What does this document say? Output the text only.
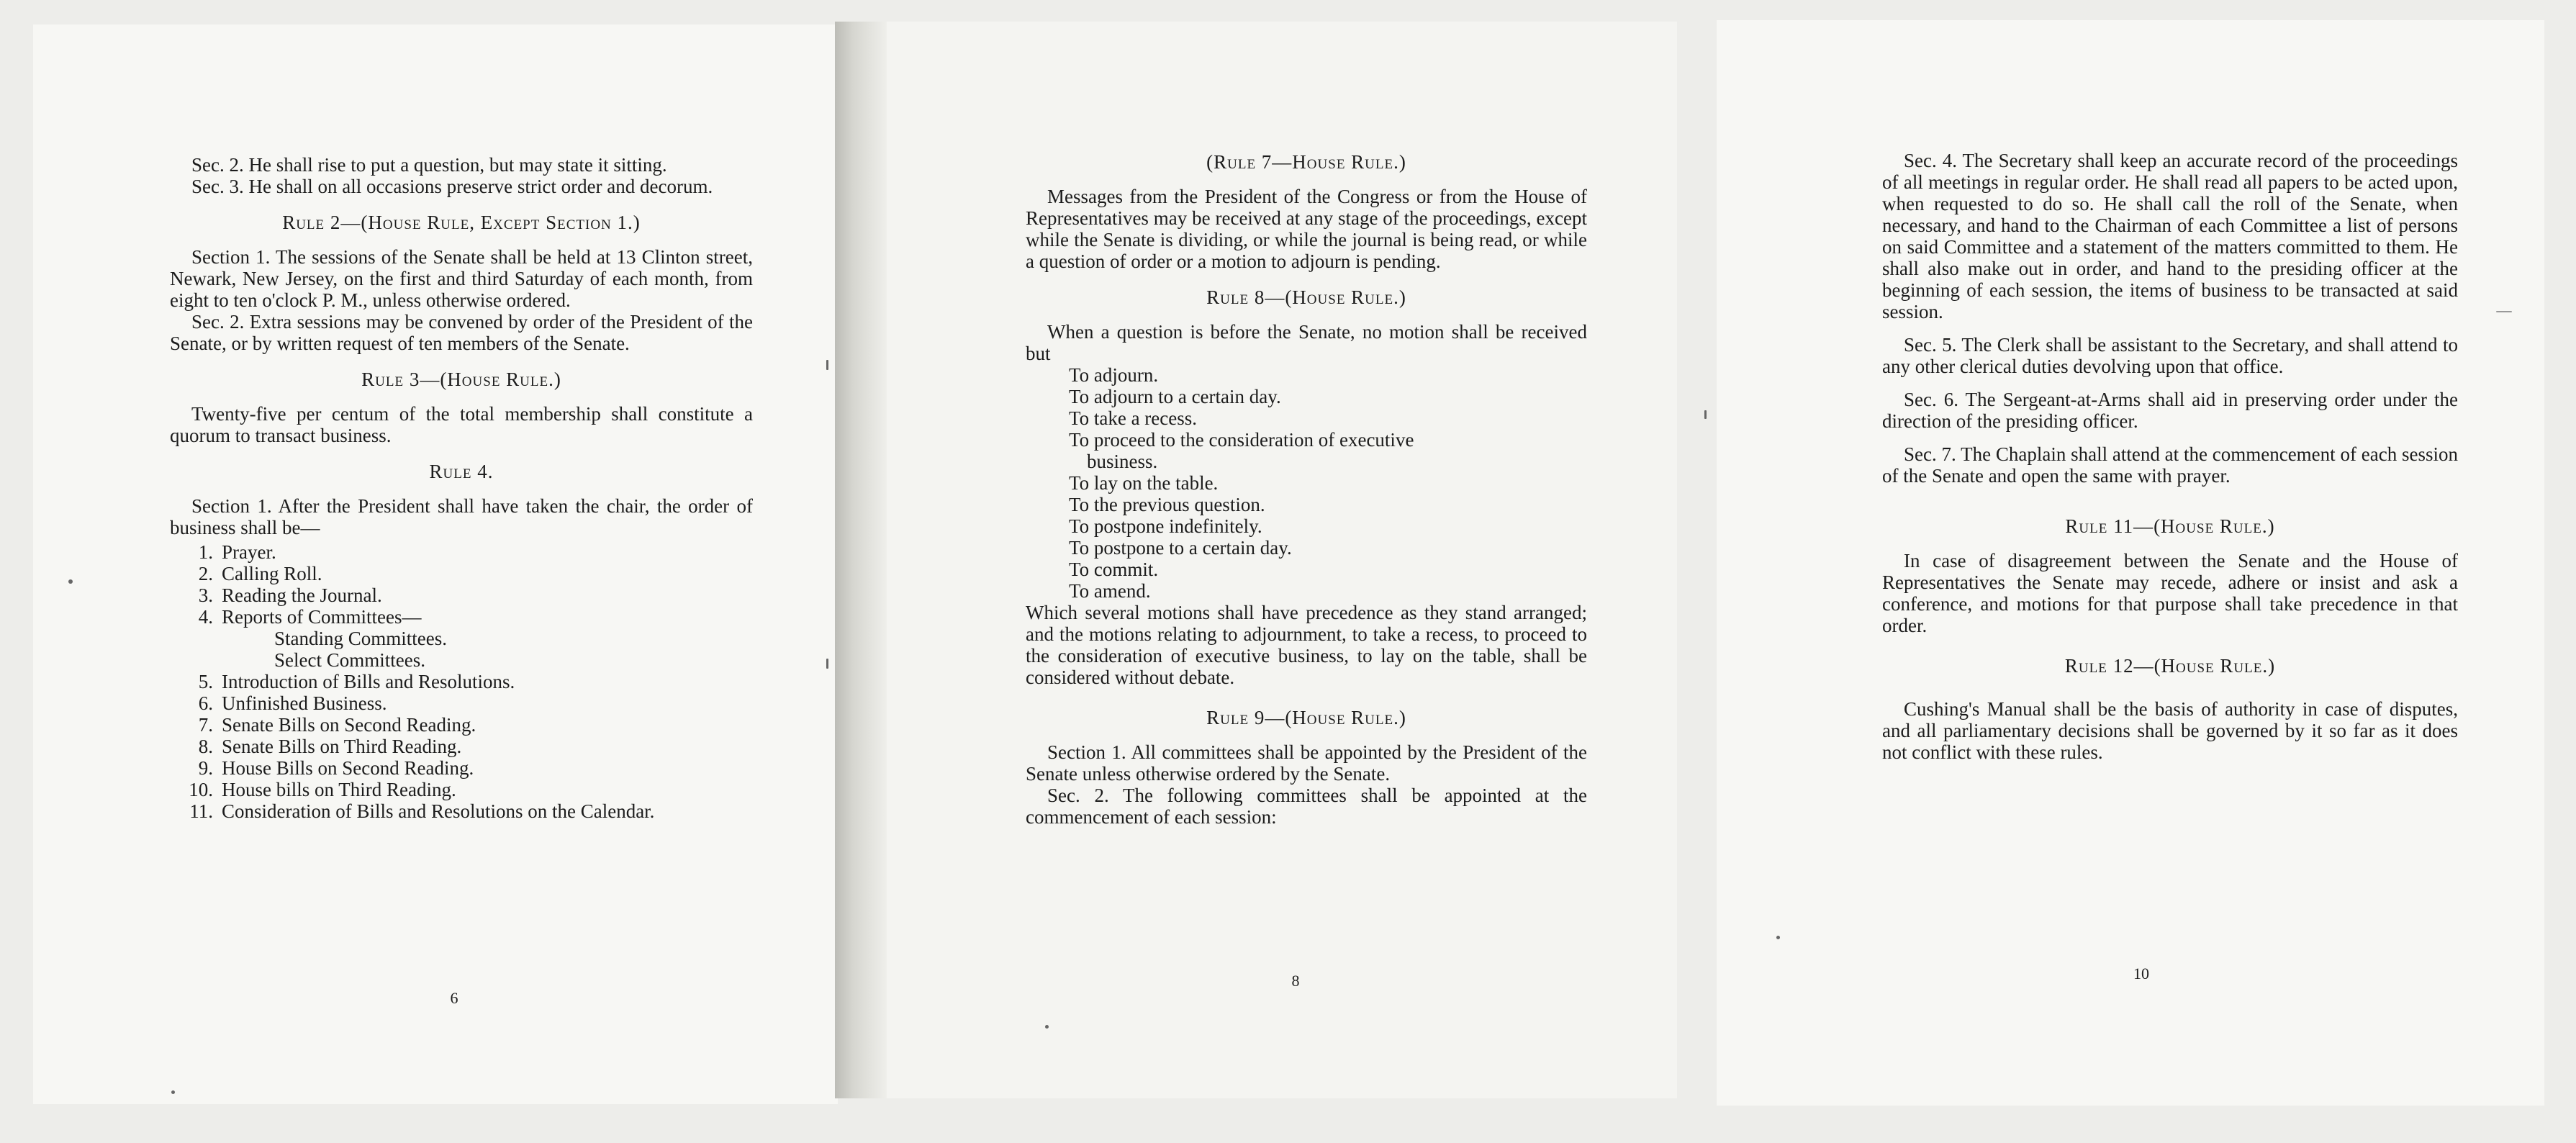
Sec. 2. He shall rise to put a question, but may state it sitting.

Sec. 3. He shall on all occasions preserve strict order and decorum.

Rule 2—(House Rule, Except Section 1.)

Section 1. The sessions of the Senate shall be held at 13 Clinton street, Newark, New Jersey, on the first and third Saturday of each month, from eight to ten o'clock P. M., unless otherwise ordered.

Sec. 2. Extra sessions may be convened by order of the President of the Senate, or by written request of ten members of the Senate.

Rule 3—(House Rule.)

Twenty-five per centum of the total membership shall constitute a quorum to transact business.

Rule 4.

Section 1. After the President shall have taken the chair, the order of business shall be—

1. Prayer.
2. Calling Roll.
3. Reading the Journal.
4. Reports of Committees—
Standing Committees.
Select Committees.
5. Introduction of Bills and Resolutions.
6. Unfinished Business.
7. Senate Bills on Second Reading.
8. Senate Bills on Third Reading.
9. House Bills on Second Reading.
10. House bills on Third Reading.
11. Consideration of Bills and Resolutions on the Calendar.
6
(Rule 7—House Rule.)

Messages from the President of the Congress or from the House of Representatives may be received at any stage of the proceedings, except while the Senate is dividing, or while the journal is being read, or while a question of order or a motion to adjourn is pending.

Rule 8—(House Rule.)

When a question is before the Senate, no motion shall be received but

To adjourn.
To adjourn to a certain day.
To take a recess.
To proceed to the consideration of executive
business.
To lay on the table.
To the previous question.
To postpone indefinitely.
To postpone to a certain day.
To commit.
To amend.

Which several motions shall have precedence as they stand arranged; and the motions relating to adjournment, to take a recess, to proceed to the consideration of executive business, to lay on the table, shall be considered without debate.

Rule 9—(House Rule.)

Section 1. All committees shall be appointed by the President of the Senate unless otherwise ordered by the Senate.

Sec. 2. The following committees shall be appointed at the commencement of each session:

8

Sec. 4. The Secretary shall keep an accurate record of the proceedings of all meetings in regular order. He shall read all papers to be acted upon, when requested to do so. He shall call the roll of the Senate, when necessary, and hand to the Chairman of each Committee a list of persons on said Committee and a statement of the matters committed to them. He shall also make out in order, and hand to the presiding officer at the beginning of each session, the items of business to be transacted at said session.

Sec. 5. The Clerk shall be assistant to the Secretary, and shall attend to any other clerical duties devolving upon that office.

Sec. 6. The Sergeant-at-Arms shall aid in preserving order under the direction of the presiding officer.

Sec. 7. The Chaplain shall attend at the commencement of each session of the Senate and open the same with prayer.

Rule 11—(House Rule.)

In case of disagreement between the Senate and the House of Representatives the Senate may recede, adhere or insist and ask a conference, and motions for that purpose shall take precedence in that order.

Rule 12—(House Rule.)

Cushing's Manual shall be the basis of authority in case of disputes, and all parliamentary decisions shall be governed by it so far as it does not conflict with these rules.

10
